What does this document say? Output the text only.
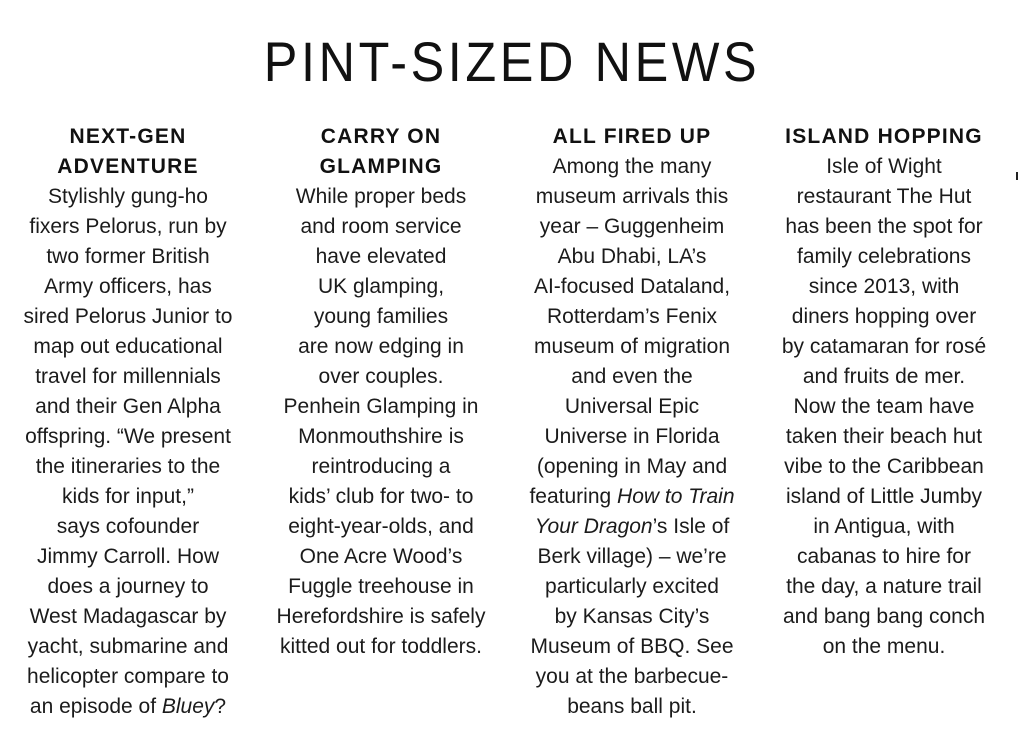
PINT-SIZED NEWS
NEXT-GEN
ADVENTURE
Stylishly gung-ho
fixers Pelorus, run by
two former British
Army officers, has
sired Pelorus Junior to
map out educational
travel for millennials
and their Gen Alpha
offspring. “We present
the itineraries to the
kids for input,”
says cofounder
Jimmy Carroll. How
does a journey to
West Madagascar by
yacht, submarine and
helicopter compare to
an episode of Bluey?
CARRY ON
GLAMPING
While proper beds
and room service
have elevated
UK glamping,
young families
are now edging in
over couples.
Penhein Glamping in
Monmouthshire is
reintroducing a
kids’ club for two- to
eight-year-olds, and
One Acre Wood’s
Fuggle treehouse in
Herefordshire is safely
kitted out for toddlers.
ALL FIRED UP
Among the many
museum arrivals this
year – Guggenheim
Abu Dhabi, LA’s
AI-focused Dataland,
Rotterdam’s Fenix
museum of migration
and even the
Universal Epic
Universe in Florida
(opening in May and
featuring How to Train
Your Dragon’s Isle of
Berk village) – we’re
particularly excited
by Kansas City’s
Museum of BBQ. See
you at the barbecue-
beans ball pit.
ISLAND HOPPING
Isle of Wight
restaurant The Hut
has been the spot for
family celebrations
since 2013, with
diners hopping over
by catamaran for rosé
and fruits de mer.
Now the team have
taken their beach hut
vibe to the Caribbean
island of Little Jumby
in Antigua, with
cabanas to hire for
the day, a nature trail
and bang bang conch
on the menu.
